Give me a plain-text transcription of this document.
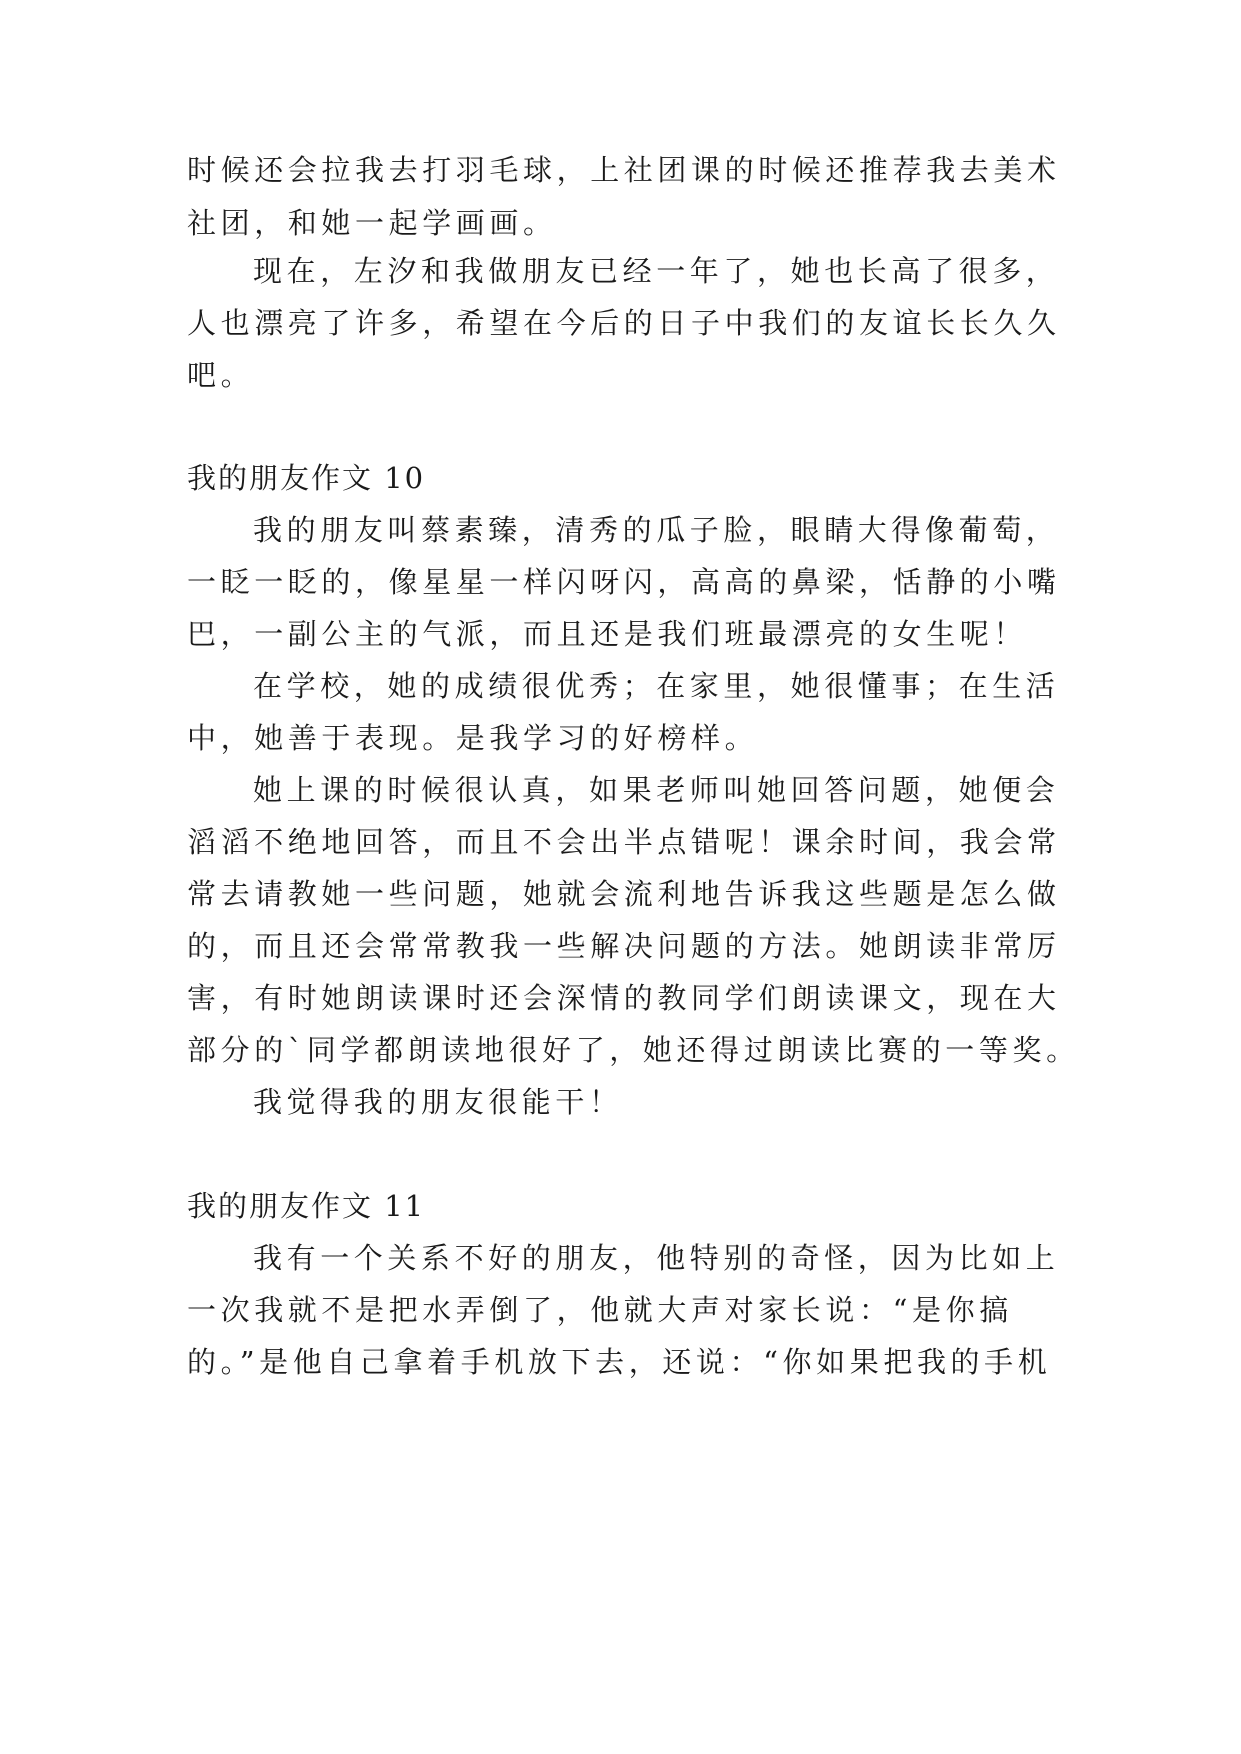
时候还会拉我去打羽毛球，上社团课的时候还推荐我去美术
社团，和她一起学画画。
现在，左汐和我做朋友已经一年了，她也长高了很多，
人也漂亮了许多，希望在今后的日子中我们的友谊长长久久
吧。
我的朋友作文 10
我的朋友叫蔡素臻，清秀的瓜子脸，眼睛大得像葡萄，
一眨一眨的，像星星一样闪呀闪，高高的鼻梁，恬静的小嘴
巴，一副公主的气派，而且还是我们班最漂亮的女生呢！
在学校，她的成绩很优秀；在家里，她很懂事；在生活
中，她善于表现。是我学习的好榜样。
她上课的时候很认真，如果老师叫她回答问题，她便会
滔滔不绝地回答，而且不会出半点错呢！课余时间，我会常
常去请教她一些问题，她就会流利地告诉我这些题是怎么做
的，而且还会常常教我一些解决问题的方法。她朗读非常厉
害，有时她朗读课时还会深情的教同学们朗读课文，现在大
部分的`同学都朗读地很好了，她还得过朗读比赛的一等奖。
我觉得我的朋友很能干！
我的朋友作文 11
我有一个关系不好的朋友，他特别的奇怪，因为比如上
一次我就不是把水弄倒了，他就大声对家长说：“是你搞
的。”是他自己拿着手机放下去，还说：“你如果把我的手机
